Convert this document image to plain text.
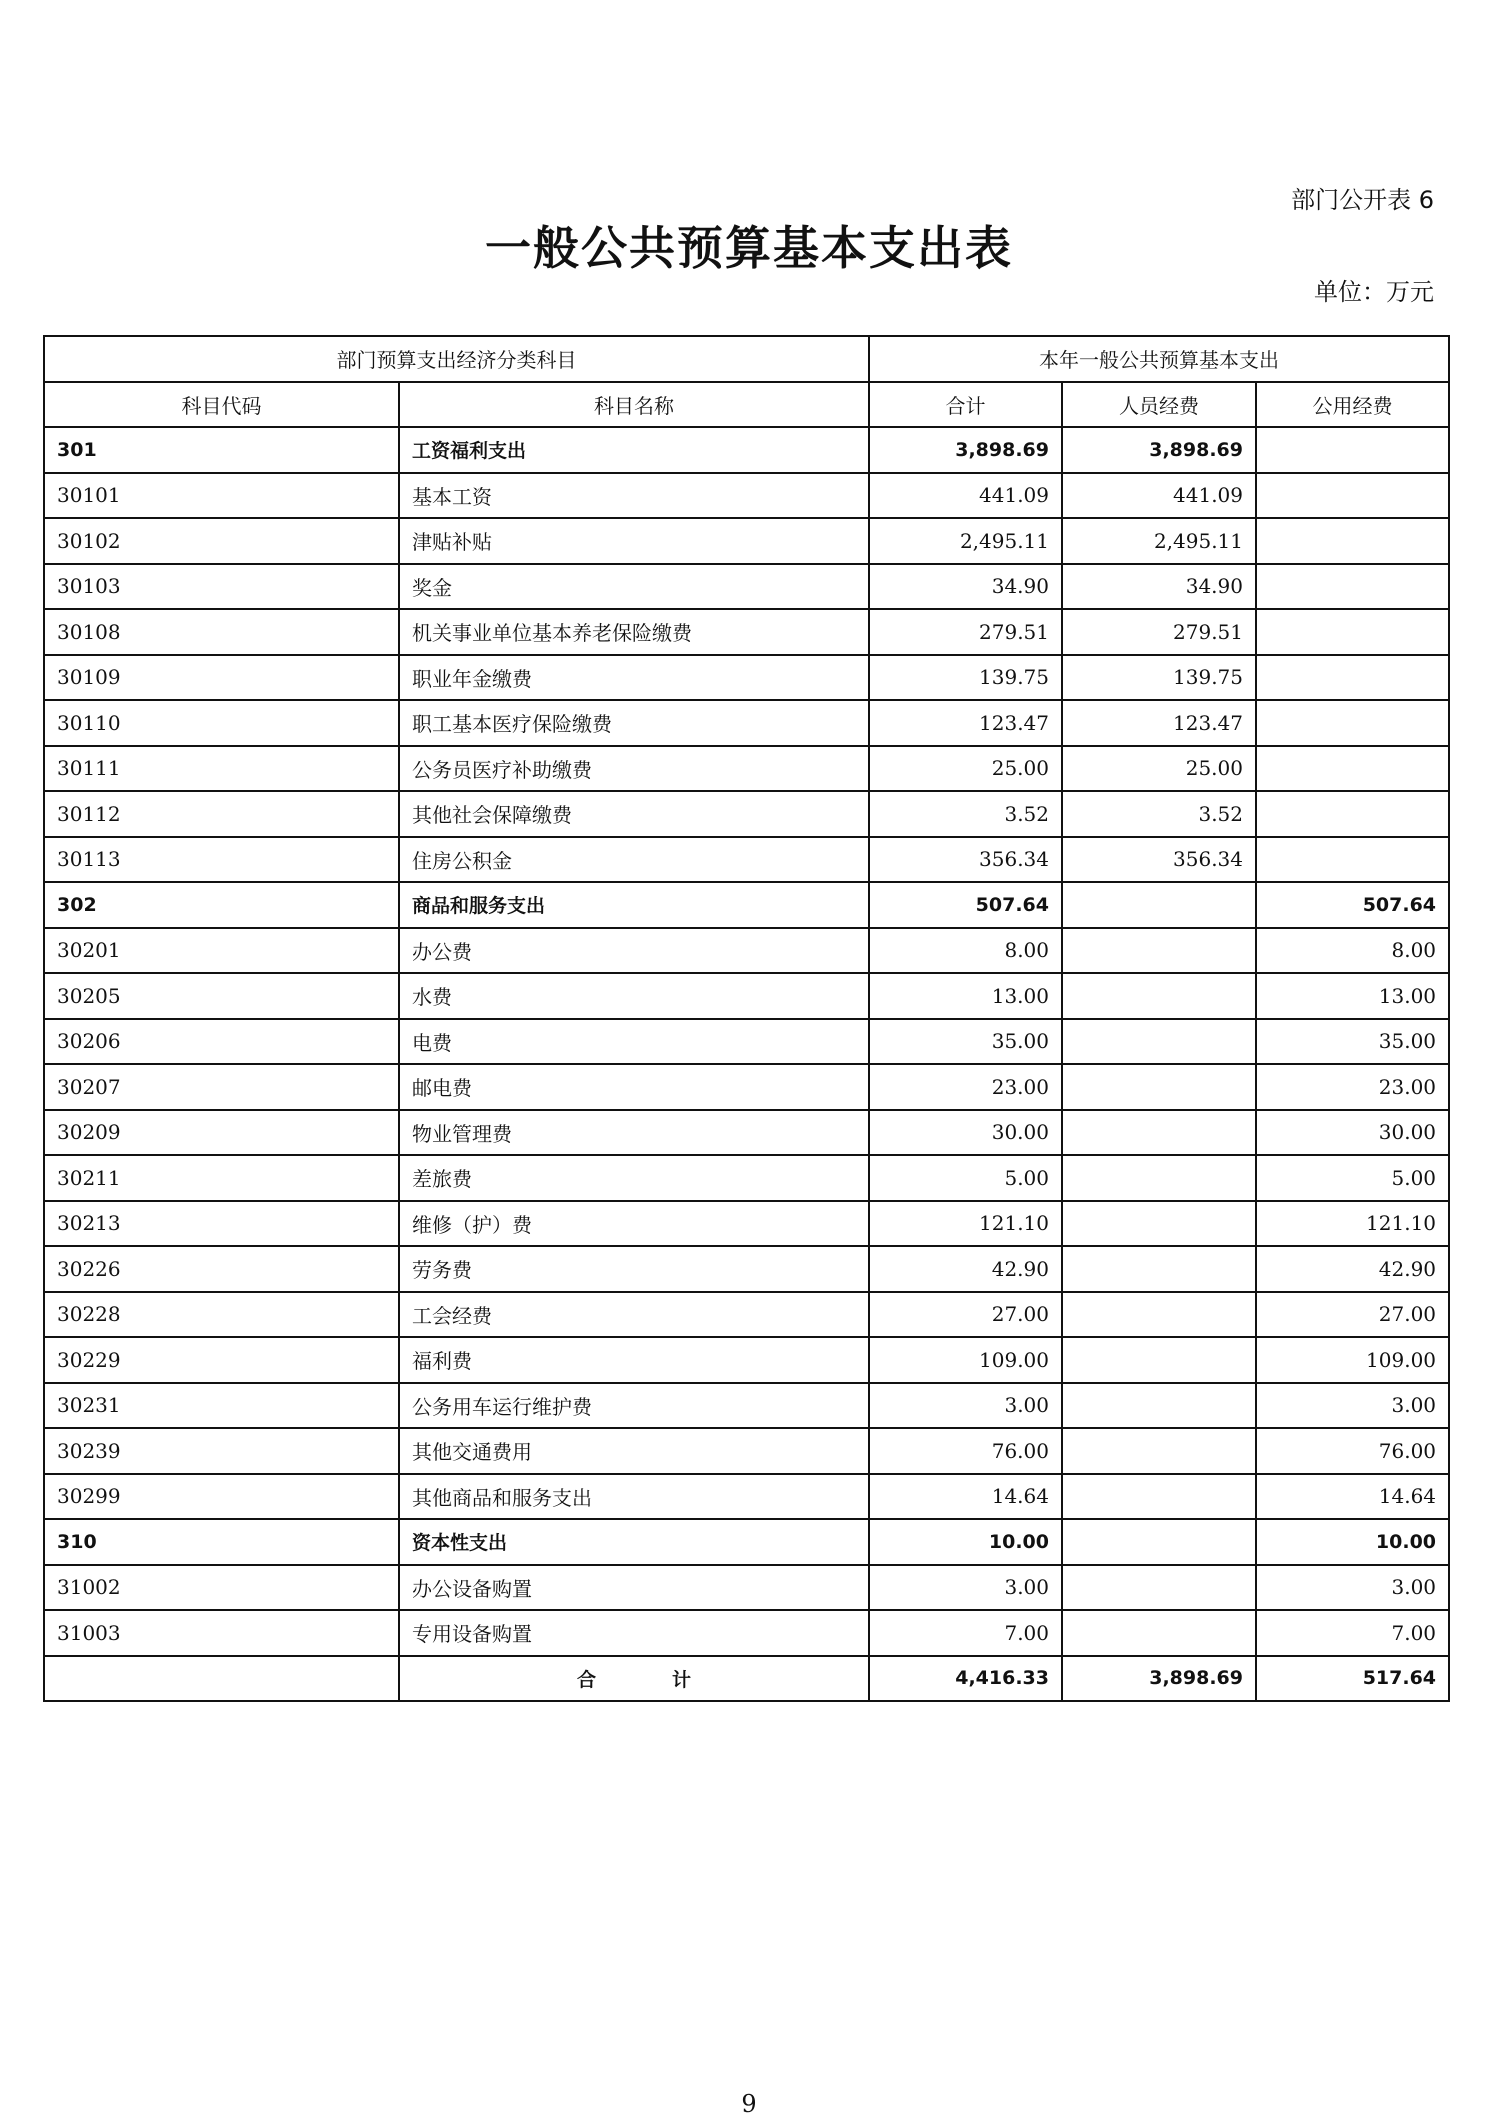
部门公开表 6
一般公共预算基本支出表
单位：万元
部门预算支出经济分类科目		本年一般公共预算基本支出		
科目代码	科目名称	合计	人员经费	公用经费
301	工资福利支出	3,898.69	3,898.69	
30101	基本工资	441.09	441.09	
30102	津贴补贴	2,495.11	2,495.11	
30103	奖金	34.90	34.90	
30108	机关事业单位基本养老保险缴费	279.51	279.51	
30109	职业年金缴费	139.75	139.75	
30110	职工基本医疗保险缴费	123.47	123.47	
30111	公务员医疗补助缴费	25.00	25.00	
30112	其他社会保障缴费	3.52	3.52	
30113	住房公积金	356.34	356.34	
302	商品和服务支出	507.64		507.64
30201	办公费	8.00		8.00
30205	水费	13.00		13.00
30206	电费	35.00		35.00
30207	邮电费	23.00		23.00
30209	物业管理费	30.00		30.00
30211	差旅费	5.00		5.00
30213	维修（护）费	121.10		121.10
30226	劳务费	42.90		42.90
30228	工会经费	27.00		27.00
30229	福利费	109.00		109.00
30231	公务用车运行维护费	3.00		3.00
30239	其他交通费用	76.00		76.00
30299	其他商品和服务支出	14.64		14.64
310	资本性支出	10.00		10.00
31002	办公设备购置	3.00		3.00
31003	专用设备购置	7.00		7.00
	合　　　　计	4,416.33	3,898.69	517.64
9
